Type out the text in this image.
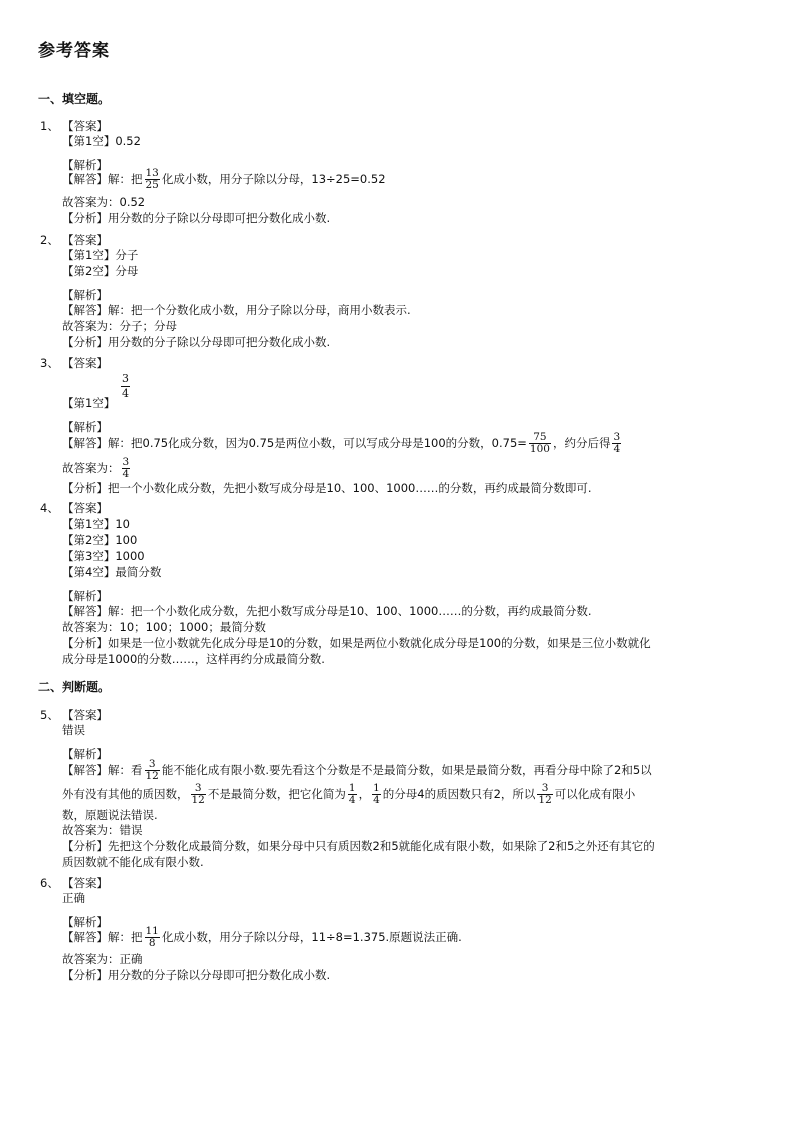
参考答案
一、填空题。
1、 【答案】
【第1空】0.52
【解析】
【解答】解：把 $\frac{13}{25}$ 化成小数，用分子除以分母，13÷25=0.52
故答案为：0.52
【分析】用分数的分子除以分母即可把分数化成小数.
2、 【答案】
【第1空】分子
【第2空】分母
【解析】
【解答】解：把一个分数化成小数，用分子除以分母，商用小数表示.
故答案为：分子；分母
【分析】用分数的分子除以分母即可把分数化成小数.
3、 【答案】
【第1空】
$\frac{3}{4}$
【解析】
【解答】解：把0.75化成分数，因为0.75是两位小数，可以写成分母是100的分数，$0.75= \frac{75}{100}$ ，约分后得 $\frac{3}{4}$
故答案为： $\frac{3}{4}$
【分析】把一个小数化成分数，先把小数写成分母是10、100、1000……的分数，再约成最简分数即可.
4、 【答案】
【第1空】10
【第2空】100
【第3空】1000
【第4空】最简分数
【解析】
【解答】解：把一个小数化成分数，先把小数写成分母是10、100、1000……的分数，再约成最简分数.
故答案为：10；100；1000；最简分数
【分析】如果是一位小数就先化成分母是10的分数，如果是两位小数就化成分母是100的分数，如果是三位小数就化
成分母是1000的分数……，这样再约分成最简分数.
二、判断题。
5、 【答案】
错误
【解析】
【解答】解：看 $\frac{3}{12}$ 能不能化成有限小数.要先看这个分数是不是最简分数，如果是最简分数，再看分母中除了2和5以
外有没有其他的质因数， $\frac{3}{12}$ 不是最简分数，把它化简为 $\frac{1}{4}$ ， $\frac{1}{4}$ 的分母4的质因数只有2，所以 $\frac{3}{12}$ 可以化成有限小
数，原题说法错误.
故答案为：错误
【分析】先把这个分数化成最简分数，如果分母中只有质因数2和5就能化成有限小数，如果除了2和5之外还有其它的
质因数就不能化成有限小数.
6、 【答案】
正确
【解析】
【解答】解：把 $\frac{11}{8}$ 化成小数，用分子除以分母，11÷8=1.375.原题说法正确.
故答案为：正确
【分析】用分数的分子除以分母即可把分数化成小数.
